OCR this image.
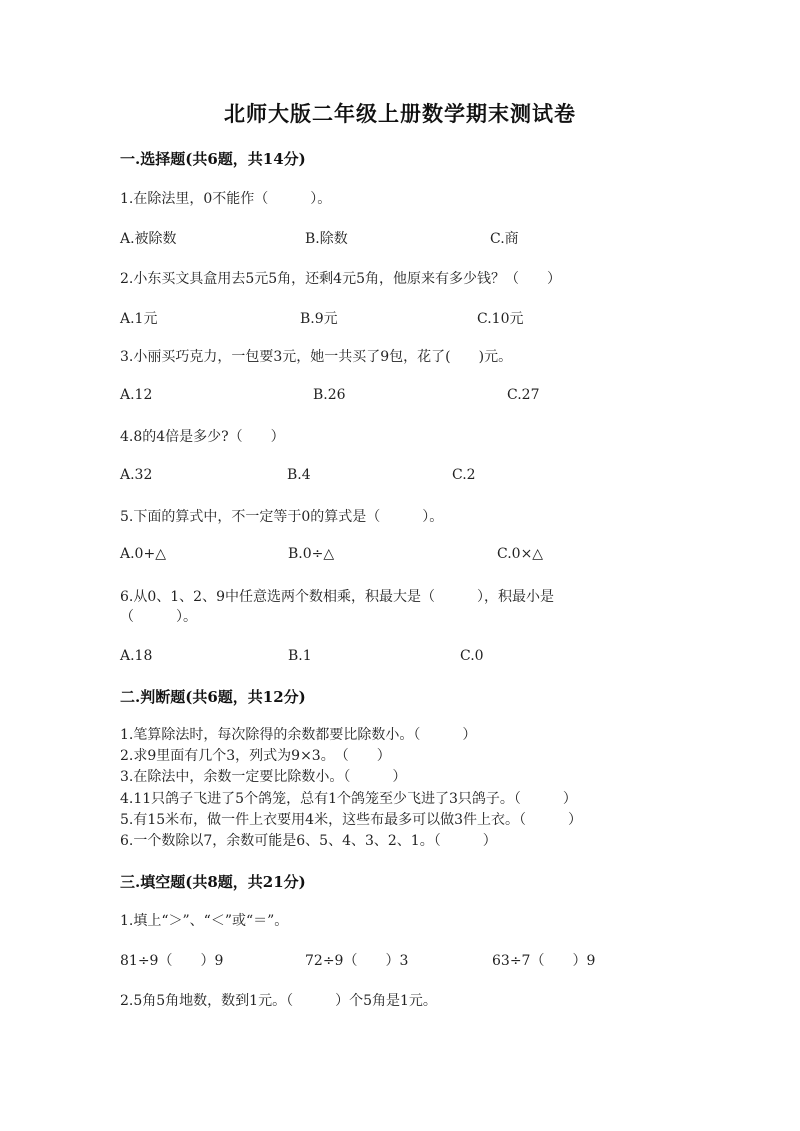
北师大版二年级上册数学期末测试卷
一.选择题(共6题，共14分)
1.在除法里，0不能作（　　　）。
A.被除数	B.除数	C.商
2.小东买文具盒用去5元5角，还剩4元5角，他原来有多少钱？（　　）
A.1元	B.9元	C.10元
3.小丽买巧克力，一包要3元，她一共买了9包，花了(　　)元。
A.12	B.26	C.27
4.8的4倍是多少?（　　）
A.32	B.4	C.2
5.下面的算式中，不一定等于0的算式是（　　　）。
A.0+△	B.0÷△	C.0×△
6.从0、1、2、9中任意选两个数相乘，积最大是（　　　），积最小是
（　　　）。
A.18	B.1	C.0
二.判断题(共6题，共12分)
1.笔算除法时，每次除得的余数都要比除数小。（　　　）
2.求9里面有几个3，列式为9×3。　（　　）
3.在除法中，余数一定要比除数小。（　　　）
4.11只鸽子飞进了5个鸽笼，总有1个鸽笼至少飞进了3只鸽子。（　　　）
5.有15米布，做一件上衣要用4米，这些布最多可以做3件上衣。（　　　）
6.一个数除以7，余数可能是6、5、4、3、2、1。（　　　）
三.填空题(共8题，共21分)
1.填上“＞”、“＜”或“＝”。
81÷9（　　）9	72÷9（　　）3	63÷7（　　）9
2.5角5角地数，数到1元。（　　　）个5角是1元。
